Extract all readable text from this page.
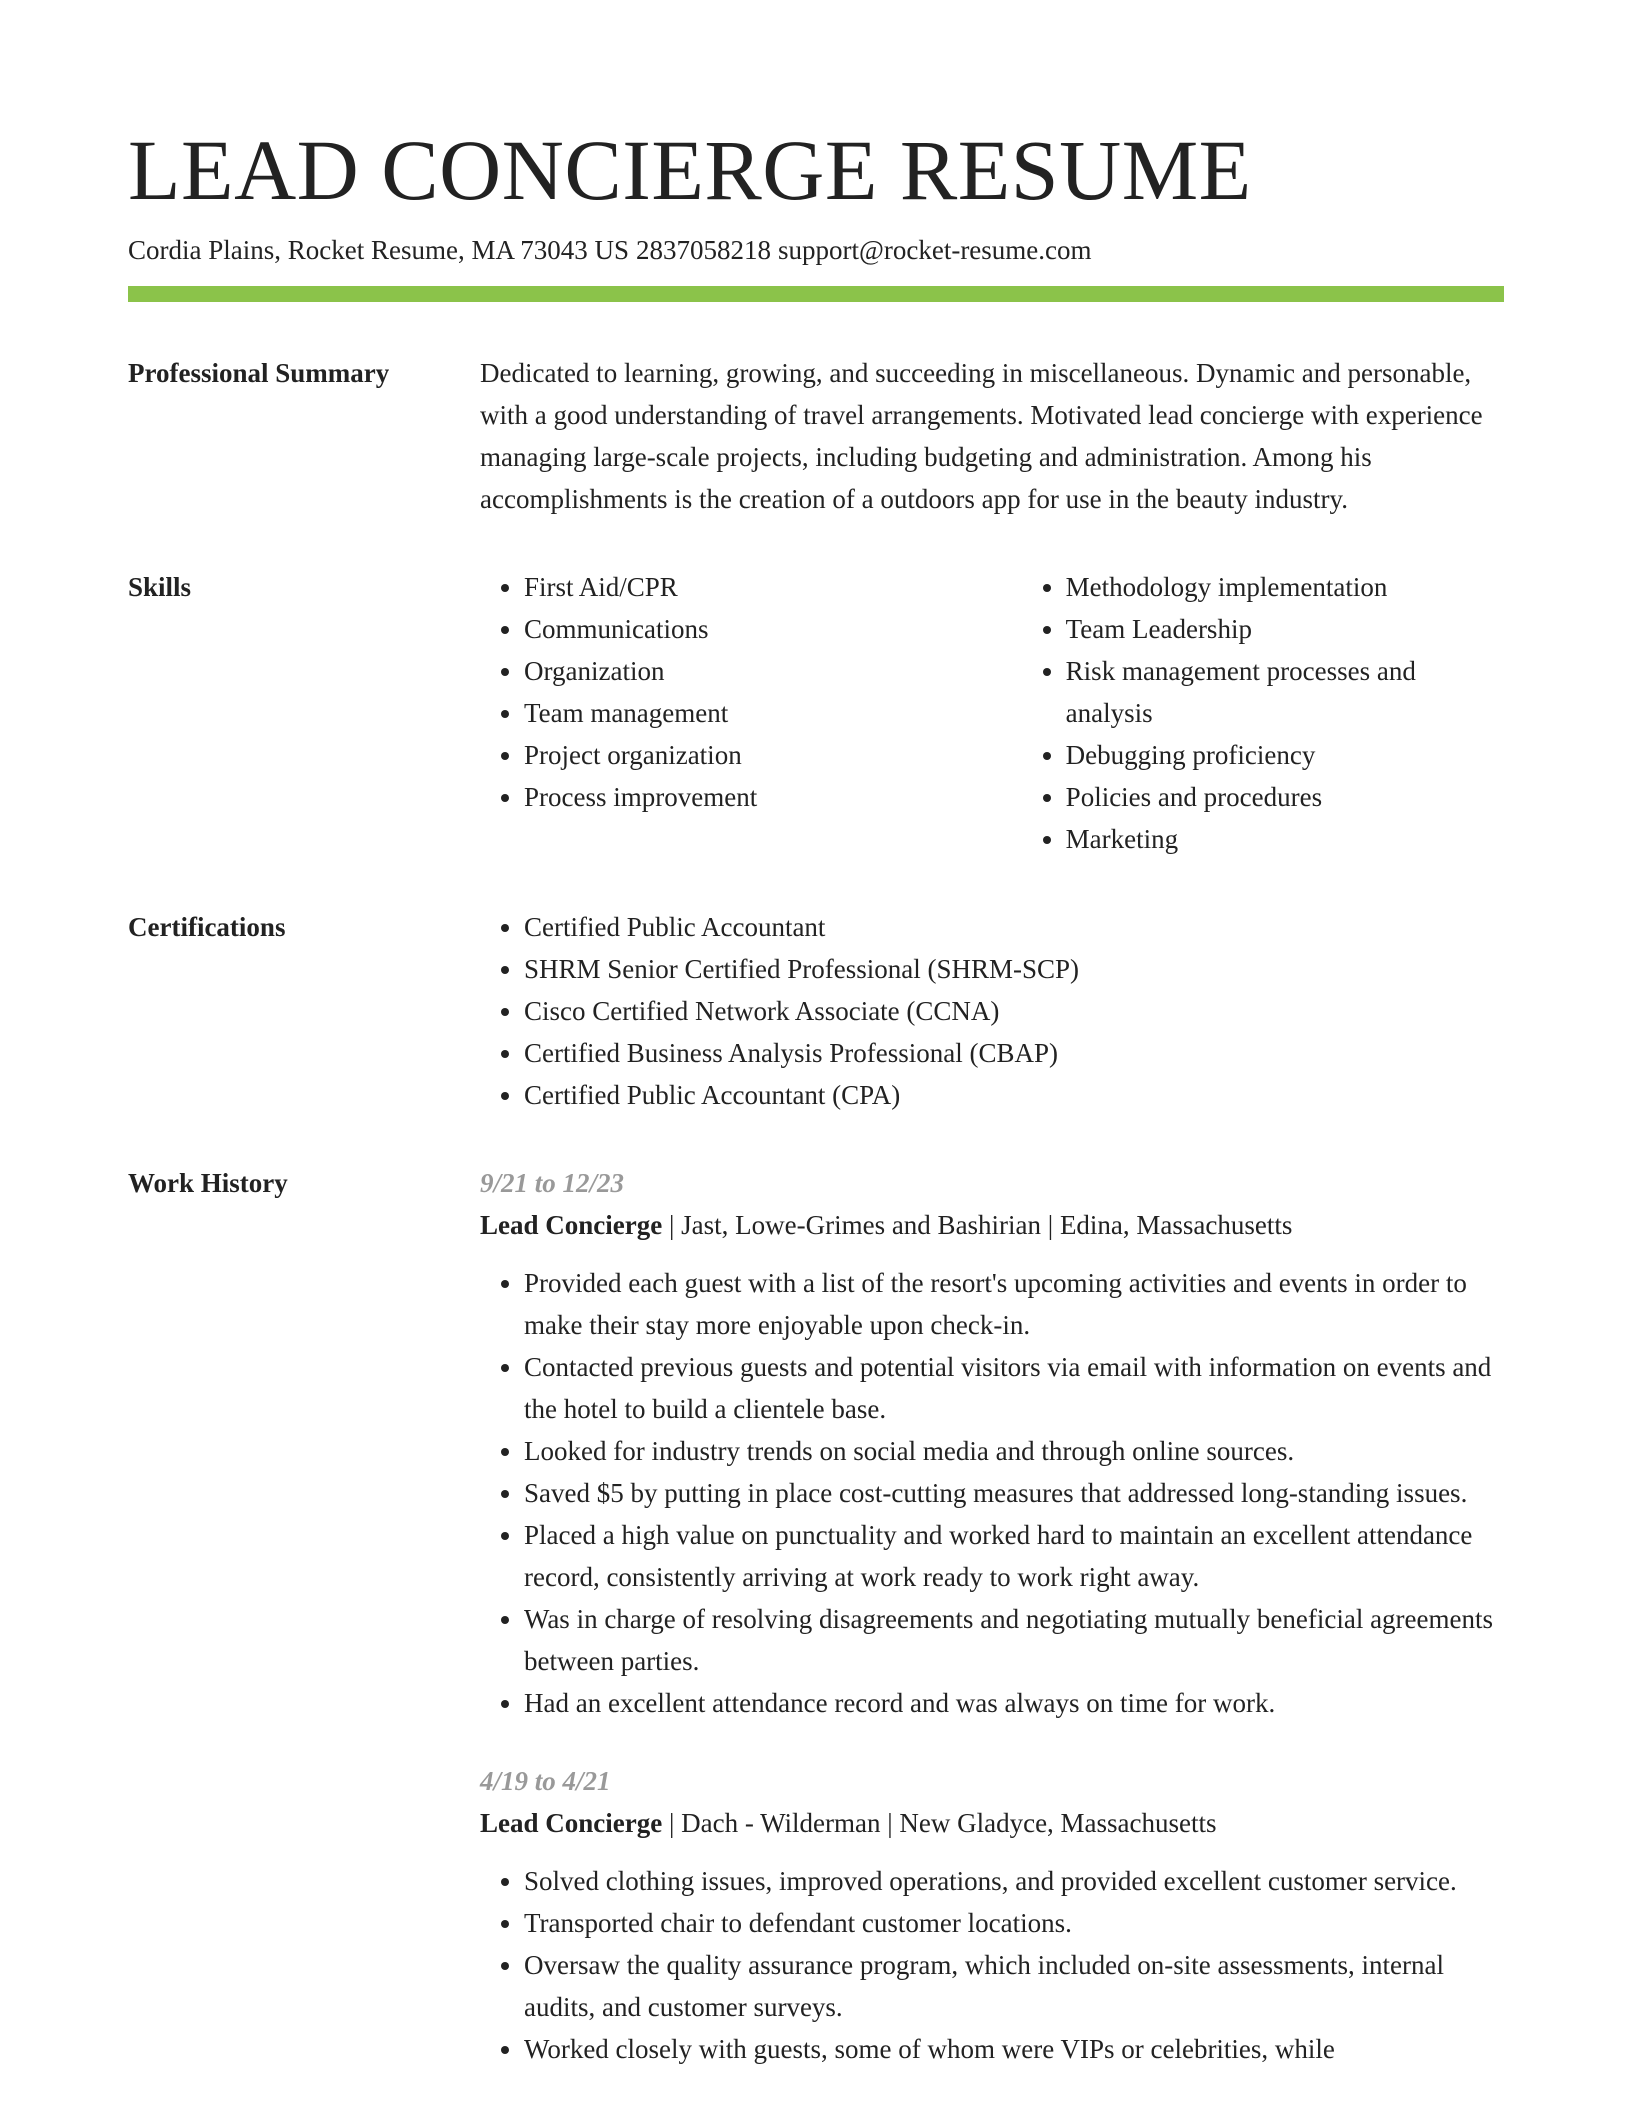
LEAD CONCIERGE RESUME
Cordia Plains, Rocket Resume, MA 73043 US 2837058218 support@rocket-resume.com
Professional Summary	Dedicated to learning, growing, and succeeding in miscellaneous. Dynamic and personable, with a good understanding of travel arrangements. Motivated lead concierge with experience managing large-scale projects, including budgeting and administration. Among his accomplishments is the creation of a outdoors app for use in the beauty industry.

Skills	• First Aid/CPR
• Communications
• Organization
• Team management
• Project organization
• Process improvement
• Methodology implementation
• Team Leadership
• Risk management processes and analysis
• Debugging proficiency
• Policies and procedures
• Marketing
Certifications	• Certified Public Accountant
• SHRM Senior Certified Professional (SHRM-SCP)
• Cisco Certified Network Associate (CCNA)
• Certified Business Analysis Professional (CBAP)
• Certified Public Accountant (CPA)
Work History	9/21 to 12/23
Lead Concierge | Jast, Lowe-Grimes and Bashirian | Edina, Massachusetts
• Provided each guest with a list of the resort's upcoming activities and events in order to make their stay more enjoyable upon check-in.
• Contacted previous guests and potential visitors via email with information on events and the hotel to build a clientele base.
• Looked for industry trends on social media and through online sources.
• Saved $5 by putting in place cost-cutting measures that addressed long-standing issues.
• Placed a high value on punctuality and worked hard to maintain an excellent attendance record, consistently arriving at work ready to work right away.
• Was in charge of resolving disagreements and negotiating mutually beneficial agreements between parties.
• Had an excellent attendance record and was always on time for work.
4/19 to 4/21
Lead Concierge | Dach - Wilderman | New Gladyce, Massachusetts
• Solved clothing issues, improved operations, and provided excellent customer service.
• Transported chair to defendant customer locations.
• Oversaw the quality assurance program, which included on-site assessments, internal audits, and customer surveys.
• Worked closely with guests, some of whom were VIPs or celebrities, while
